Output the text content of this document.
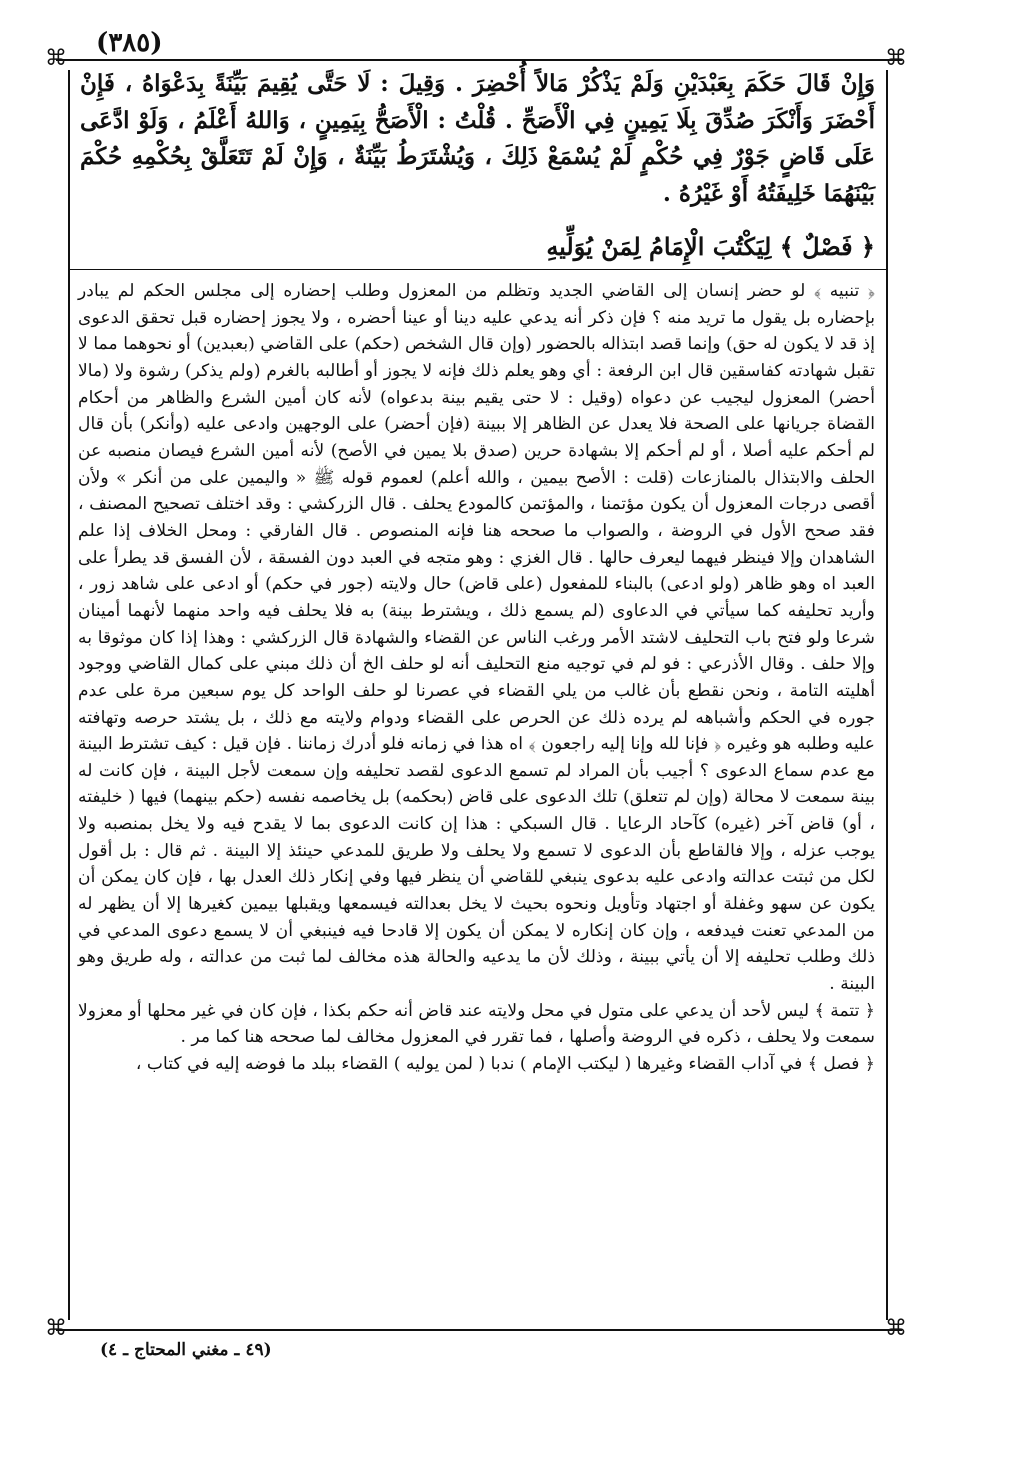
(٣٨٥)
⌘	⌘
⌘	⌘

وَإِنْ قَالَ حَكَمَ بِعَبْدَيْنِ وَلَمْ يَذْكُرْ مَالاً أُحْضِرَ . وَقِيلَ : لَا حَتَّى يُقِيمَ بَيِّنَةً بِدَعْوَاهُ ، فَإِنْ أَحْضَرَ وَأَنْكَرَ صُدِّقَ بِلَا يَمِينٍ فِي الْأَصَحِّ . قُلْتُ : الْأَصَحُّ بِيَمِينٍ ، وَاللهُ أَعْلَمُ ، وَلَوْ ادَّعَى عَلَى قَاضٍ جَوْرٌ فِي حُكْمٍ لَمْ يُسْمَعْ ذَلِكَ ، وَيُشْتَرَطُ بَيِّنَةٌ ، وَإِنْ لَمْ تَتَعَلَّقْ بِحُكْمِهِ حُكْمَ بَيْنَهُمَا خَلِيفَتُهُ أَوْ غَيْرُهُ .

﴿ فَصْلٌ ﴾ لِيَكْتُبَ الْإِمَامُ لِمَنْ يُوَلِّيهِ

﴿ تنبيه ﴾ لو حضر إنسان إلى القاضي الجديد وتظلم من المعزول وطلب إحضاره إلى مجلس الحكم لم يبادر بإحضاره بل يقول ما تريد منه ؟ فإن ذكر أنه يدعي عليه دينا أو عينا أحضره ، ولا يجوز إحضاره قبل تحقق الدعوى إذ قد لا يكون له حق) وإنما قصد ابتذاله بالحضور (وإن قال الشخص (حكم) على القاضي (بعبدين) أو نحوهما مما لا تقبل شهادته كفاسقين قال ابن الرفعة : أي وهو يعلم ذلك فإنه لا يجوز أو أطالبه بالغرم (ولم يذكر) رشوة ولا (مالا أحضر) المعزول ليجيب عن دعواه (وقيل : لا حتى يقيم بينة بدعواه) لأنه كان أمين الشرع والظاهر من أحكام القضاة جريانها على الصحة فلا يعدل عن الظاهر إلا ببينة (فإن أحضر) على الوجهين وادعى عليه (وأنكر) بأن قال لم أحكم عليه أصلا ، أو لم أحكم إلا بشهادة حرين (صدق بلا يمين في الأصح) لأنه أمين الشرع فيصان منصبه عن الحلف والابتذال بالمنازعات (قلت : الأصح بيمين ، والله أعلم) لعموم قوله ﷺ « واليمين على من أنكر » ولأن أقصى درجات المعزول أن يكون مؤتمنا ، والمؤتمن كالمودع يحلف . قال الزركشي : وقد اختلف تصحيح المصنف ، فقد صحح الأول في الروضة ، والصواب ما صححه هنا فإنه المنصوص . قال الفارقي : ومحل الخلاف إذا علم الشاهدان وإلا فينظر فيهما ليعرف حالها . قال الغزي : وهو متجه في العبد دون الفسقة ، لأن الفسق قد يطرأ على العبد اه وهو ظاهر (ولو ادعى) بالبناء للمفعول (على قاض) حال ولايته (جور في حكم) أو ادعى على شاهد زور ، وأريد تحليفه كما سيأتي في الدعاوى (لم يسمع ذلك ، ويشترط بينة) به فلا يحلف فيه واحد منهما لأنهما أمينان شرعا ولو فتح باب التحليف لاشتد الأمر ورغب الناس عن القضاء والشهادة قال الزركشي : وهذا إذا كان موثوقا به وإلا حلف . وقال الأذرعي : فو لم في توجيه منع التحليف أنه لو حلف الخ أن ذلك مبني على كمال القاضي ووجود أهليته التامة ، ونحن نقطع بأن غالب من يلي القضاء في عصرنا لو حلف الواحد كل يوم سبعين مرة على عدم جوره في الحكم وأشباهه لم يرده ذلك عن الحرص على القضاء ودوام ولايته مع ذلك ، بل يشتد حرصه وتهافته عليه وطلبه هو وغيره ﴿ فإنا لله وإنا إليه راجعون ﴾ اه هذا في زمانه فلو أدرك زماننا . فإن قيل : كيف تشترط البينة مع عدم سماع الدعوى ؟ أجيب بأن المراد لم تسمع الدعوى لقصد تحليفه وإن سمعت لأجل البينة ، فإن كانت له بينة سمعت لا محالة (وإن لم تتعلق) تلك الدعوى على قاض (بحكمه) بل يخاصمه نفسه (حكم بينهما) فيها ( خليفته ، أو) قاض آخر (غيره) كآحاد الرعايا . قال السبكي : هذا إن كانت الدعوى بما لا يقدح فيه ولا يخل بمنصبه ولا يوجب عزله ، وإلا فالقاطع بأن الدعوى لا تسمع ولا يحلف ولا طريق للمدعي حينئذ إلا البينة . ثم قال : بل أقول لكل من ثبتت عدالته وادعى عليه بدعوى ينبغي للقاضي أن ينظر فيها وفي إنكار ذلك العدل بها ، فإن كان يمكن أن يكون عن سهو وغفلة أو اجتهاد وتأويل ونحوه بحيث لا يخل بعدالته فيسمعها ويقبلها بيمين كغيرها إلا أن يظهر له من المدعي تعنت فيدفعه ، وإن كان إنكاره لا يمكن أن يكون إلا قادحا فيه فينبغي أن لا يسمع دعوى المدعي في ذلك وطلب تحليفه إلا أن يأتي ببينة ، وذلك لأن ما يدعيه والحالة هذه مخالف لما ثبت من عدالته ، وله طريق وهو البينة .

﴿ تتمة ﴾ ليس لأحد أن يدعي على متول في محل ولايته عند قاض أنه حكم بكذا ، فإن كان في غير محلها أو معزولا سمعت ولا يحلف ، ذكره في الروضة وأصلها ، فما تقرر في المعزول مخالف لما صححه هنا كما مر .

﴿ فصل ﴾ في آداب القضاء وغيرها ( ليكتب الإمام ) ندبا ( لمن يوليه ) القضاء ببلد ما فوضه إليه في كتاب ،

(٤٩ ـ مغني المحتاج ـ ٤)
